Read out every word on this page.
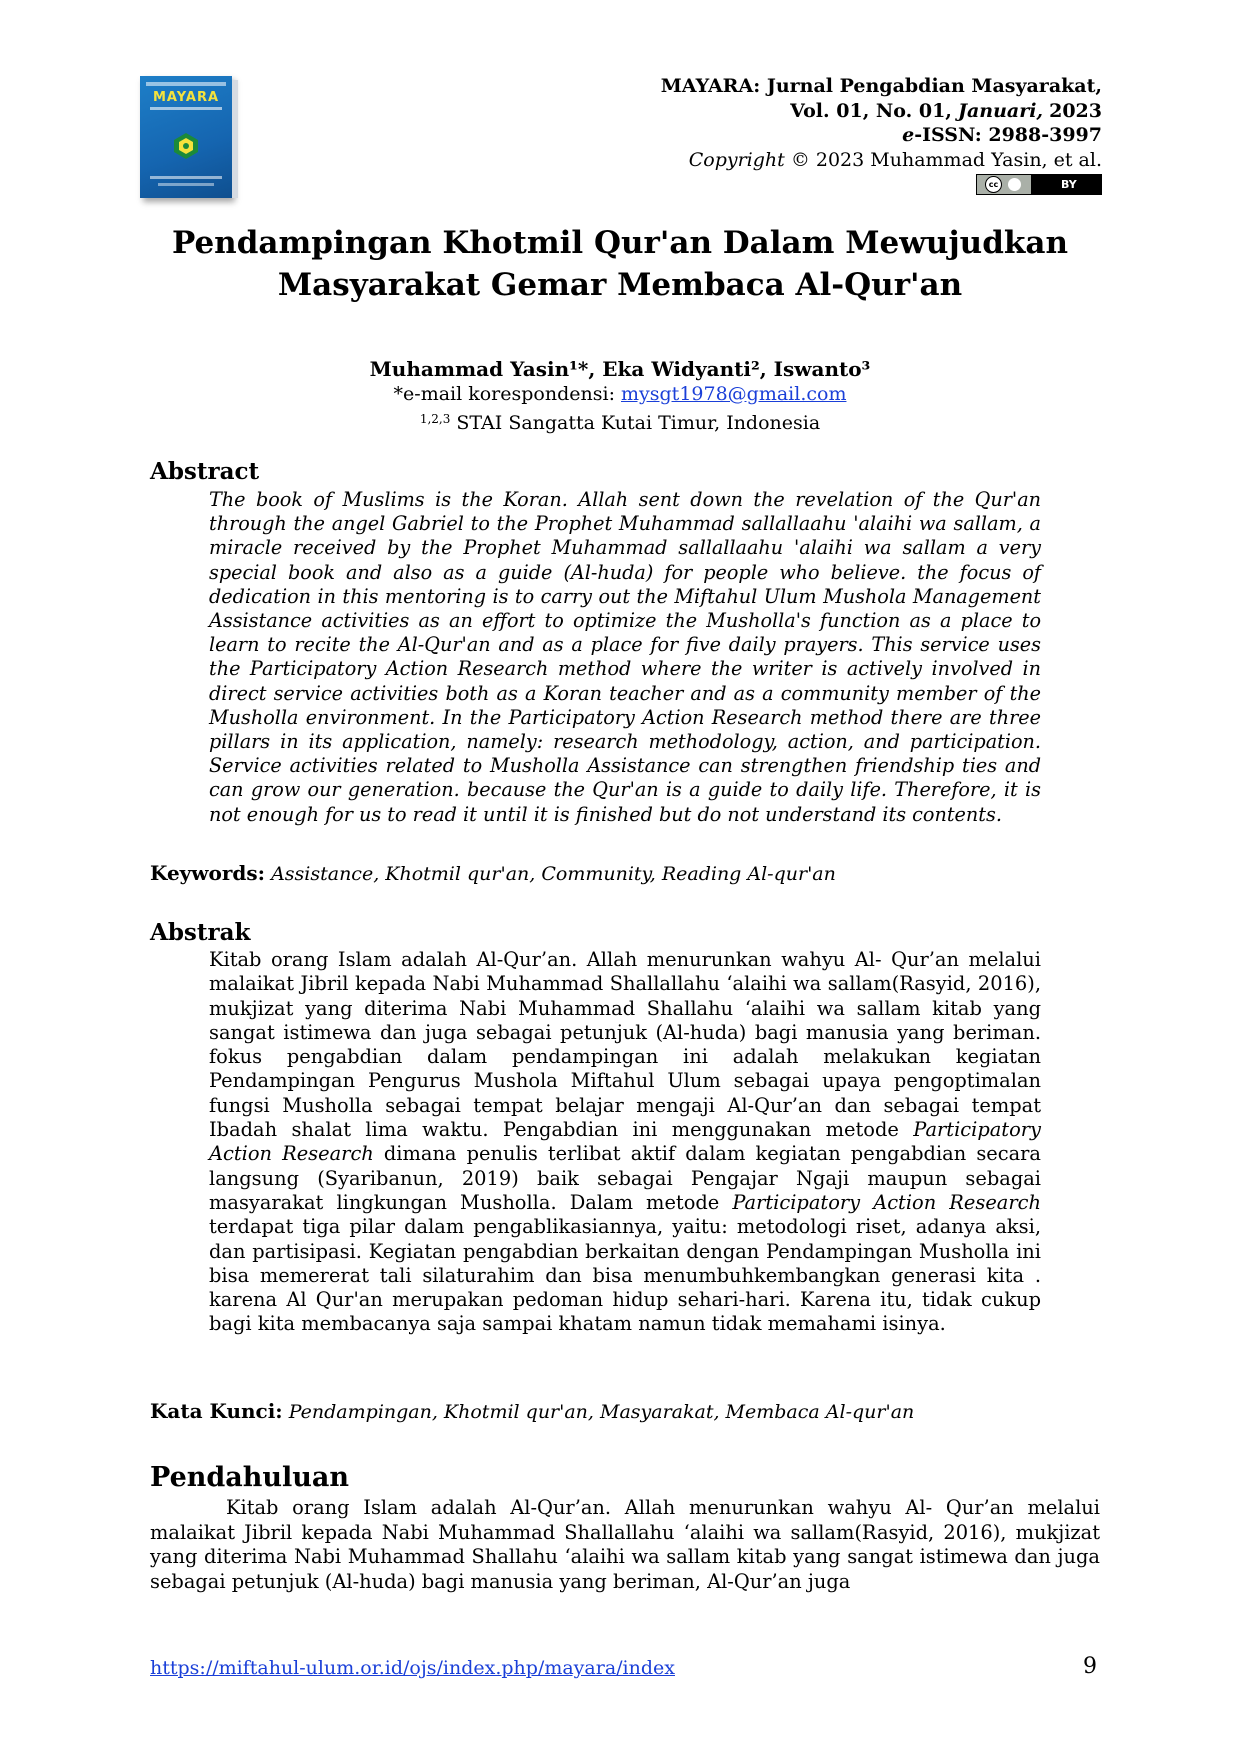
MAYARA
MAYARA: Jurnal Pengabdian Masyarakat,
Vol. 01, No. 01, Januari, 2023
e-ISSN: 2988-3997
Copyright © 2023 Muhammad Yasin, et al.
cc	BY
Pendampingan Khotmil Qur'an Dalam Mewujudkan
Masyarakat Gemar Membaca Al-Qur'an
Muhammad Yasin¹*, Eka Widyanti², Iswanto³
*e-mail korespondensi: mysgt1978@gmail.com
$^{1,2,3}$ STAI Sangatta Kutai Timur, Indonesia
Abstract

The book of Muslims is the Koran. Allah sent down the revelation of the Qur'an through the angel Gabriel to the Prophet Muhammad sallallaahu 'alaihi wa sallam, a miracle received by the Prophet Muhammad sallallaahu 'alaihi wa sallam a very special book and also as a guide (Al-huda) for people who believe. the focus of dedication in this mentoring is to carry out the Miftahul Ulum Mushola Management Assistance activities as an effort to optimize the Musholla's function as a place to learn to recite the Al-Qur'an and as a place for five daily prayers. This service uses the Participatory Action Research method where the writer is actively involved in direct service activities both as a Koran teacher and as a community member of the Musholla environment. In the Participatory Action Research method there are three pillars in its application, namely: research methodology, action, and participation. Service activities related to Musholla Assistance can strengthen friendship ties and can grow our generation. because the Qur'an is a guide to daily life. Therefore, it is not enough for us to read it until it is finished but do not understand its contents.

Keywords: Assistance, Khotmil qur'an, Community, Reading Al-qur'an
Abstrak

Kitab orang Islam adalah Al-Qur’an. Allah menurunkan wahyu Al- Qur’an melalui malaikat Jibril kepada Nabi Muhammad Shallallahu ‘alaihi wa sallam(Rasyid, 2016), mukjizat yang diterima Nabi Muhammad Shallahu ‘alaihi wa sallam kitab yang sangat istimewa dan juga sebagai petunjuk (Al-huda) bagi manusia yang beriman. fokus pengabdian dalam pendampingan ini adalah melakukan kegiatan Pendampingan Pengurus Mushola Miftahul Ulum sebagai upaya pengoptimalan fungsi Musholla sebagai tempat belajar mengaji Al-Qur’an dan sebagai tempat Ibadah shalat lima waktu. Pengabdian ini menggunakan metode Participatory Action Research dimana penulis terlibat aktif dalam kegiatan pengabdian secara langsung (Syaribanun, 2019) baik sebagai Pengajar Ngaji maupun sebagai masyarakat lingkungan Musholla. Dalam metode Participatory Action Research terdapat tiga pilar dalam pengablikasiannya, yaitu: metodologi riset, adanya aksi, dan partisipasi. Kegiatan pengabdian berkaitan dengan Pendampingan Musholla ini bisa memererat tali silaturahim dan bisa menumbuhkembangkan generasi kita . karena Al Qur'an merupakan pedoman hidup sehari-hari. Karena itu, tidak cukup bagi kita membacanya saja sampai khatam namun tidak memahami isinya.

Kata Kunci: Pendampingan, Khotmil qur'an, Masyarakat, Membaca Al-qur'an
Pendahuluan

Kitab orang Islam adalah Al-Qur’an. Allah menurunkan wahyu Al- Qur’an melalui malaikat Jibril kepada Nabi Muhammad Shallallahu ‘alaihi wa sallam(Rasyid, 2016), mukjizat yang diterima Nabi Muhammad Shallahu ‘alaihi wa sallam kitab yang sangat istimewa dan juga sebagai petunjuk (Al-huda) bagi manusia yang beriman, Al-Qur’an juga

https://miftahul-ulum.or.id/ojs/index.php/mayara/index	9
